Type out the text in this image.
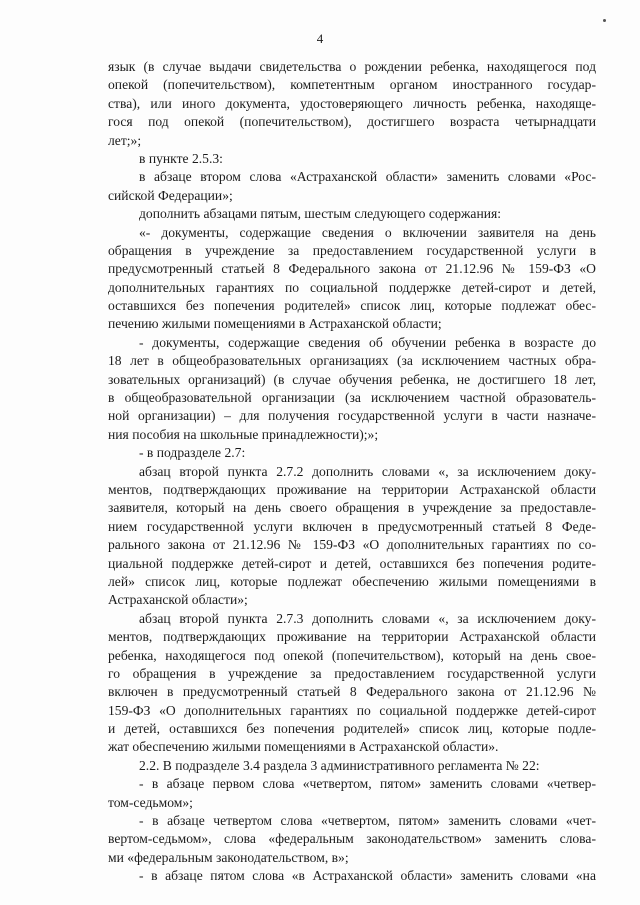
4
язык (в случае выдачи свидетельства о рождении ребенка, находящегося под
опекой (попечительством), компетентным органом иностранного государ-
ства), или иного документа, удостоверяющего личность ребенка, находяще-
гося под опекой (попечительством), достигшего возраста четырнадцати
лет;»;
в пункте 2.5.3:
в абзаце втором слова «Астраханской области» заменить словами «Рос-
сийской Федерации»;
дополнить абзацами пятым, шестым следующего содержания:
«- документы, содержащие сведения о включении заявителя на день
обращения в учреждение за предоставлением государственной услуги в
предусмотренный статьей 8 Федерального закона от 21.12.96 № 159-ФЗ «О
дополнительных гарантиях по социальной поддержке детей-сирот и детей,
оставшихся без попечения родителей» список лиц, которые подлежат обес-
печению жилыми помещениями в Астраханской области;
- документы, содержащие сведения об обучении ребенка в возрасте до
18 лет в общеобразовательных организациях (за исключением частных обра-
зовательных организаций) (в случае обучения ребенка, не достигшего 18 лет,
в общеобразовательной организации (за исключением частной образователь-
ной организации) – для получения государственной услуги в части назначе-
ния пособия на школьные принадлежности);»;
- в подразделе 2.7:
абзац второй пункта 2.7.2 дополнить словами «, за исключением доку-
ментов, подтверждающих проживание на территории Астраханской области
заявителя, который на день своего обращения в учреждение за предоставле-
нием государственной услуги включен в предусмотренный статьей 8 Феде-
рального закона от 21.12.96 № 159-ФЗ «О дополнительных гарантиях по со-
циальной поддержке детей-сирот и детей, оставшихся без попечения родите-
лей» список лиц, которые подлежат обеспечению жилыми помещениями в
Астраханской области»;
абзац второй пункта 2.7.3 дополнить словами «, за исключением доку-
ментов, подтверждающих проживание на территории Астраханской области
ребенка, находящегося под опекой (попечительством), который на день свое-
го обращения в учреждение за предоставлением государственной услуги
включен в предусмотренный статьей 8 Федерального закона от 21.12.96 №
159-ФЗ «О дополнительных гарантиях по социальной поддержке детей-сирот
и детей, оставшихся без попечения родителей» список лиц, которые подле-
жат обеспечению жилыми помещениями в Астраханской области».
2.2. В подразделе 3.4 раздела 3 административного регламента № 22:
- в абзаце первом слова «четвертом, пятом» заменить словами «четвер-
том-седьмом»;
- в абзаце четвертом слова «четвертом, пятом» заменить словами «чет-
вертом-седьмом», слова «федеральным законодательством» заменить слова-
ми «федеральным законодательством, в»;
- в абзаце пятом слова «в Астраханской области» заменить словами «на
